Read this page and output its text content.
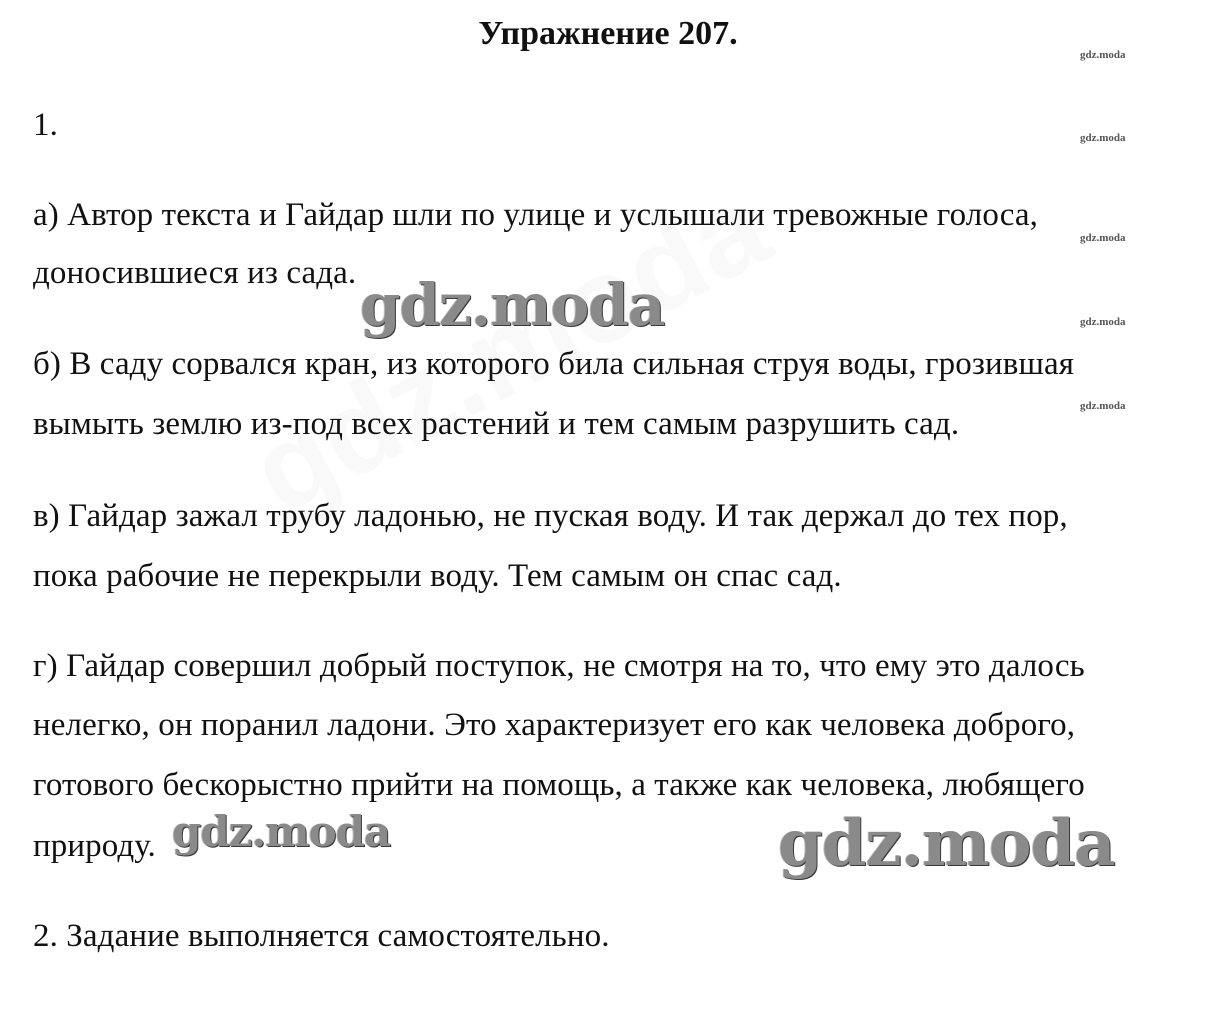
Упражнение 207.
1.
а) Автор текста и Гайдар шли по улице и услышали тревожные голоса,
доносившиеся из сада.
б) В саду сорвался кран, из которого била сильная струя воды, грозившая
вымыть землю из-под всех растений и тем самым разрушить сад.
в) Гайдар зажал трубу ладонью, не пуская воду. И так держал до тех пор,
пока рабочие не перекрыли воду. Тем самым он спас сад.
г) Гайдар совершил добрый поступок, не смотря на то, что ему это далось
нелегко, он поранил ладони. Это характеризует его как человека доброго,
готового бескорыстно прийти на помощь, а также как человека, любящего
природу.
2. Задание выполняется самостоятельно.
gdz.moda
gdz.moda
gdz.moda
gdz.moda
gdz.moda
gdz.moda
gdz.moda	gdz.moda
